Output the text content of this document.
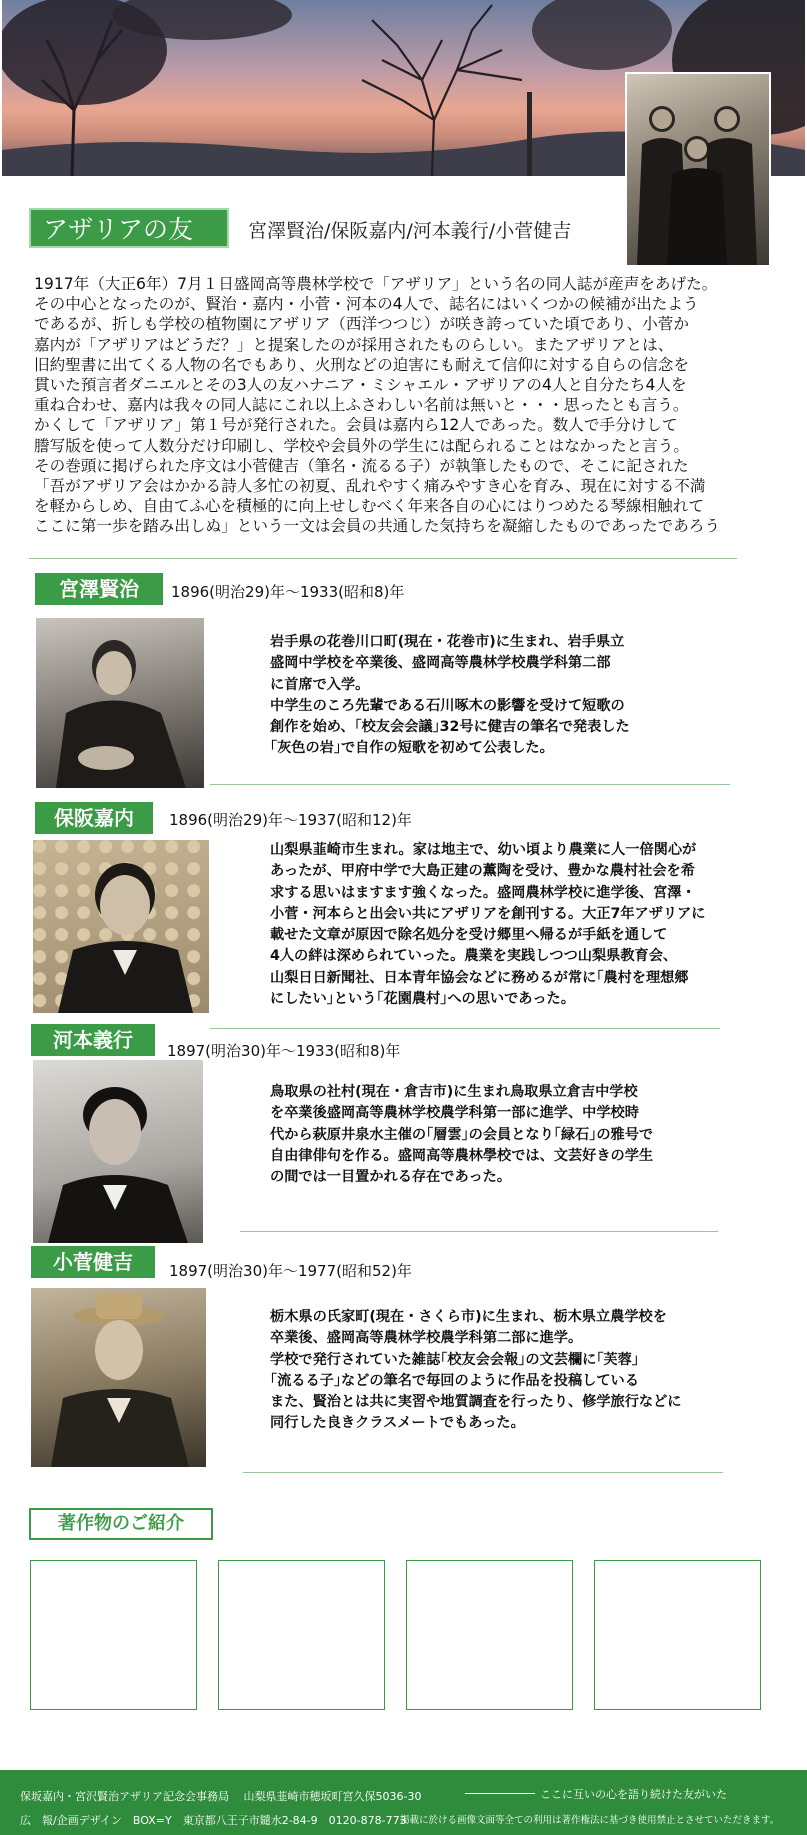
アザリアの友	宮澤賢治/保阪嘉内/河本義行/小菅健吉

1917年（大正6年）7月１日盛岡高等農林学校で「アザリア」という名の同人誌が産声をあげた。

その中心となったのが、賢治・嘉内・小菅・河本の4人で、誌名にはいくつかの候補が出たよう

であるが、折しも学校の植物園にアザリア（西洋つつじ）が咲き誇っていた頃であり、小菅か

嘉内が「アザリアはどうだ？」と提案したのが採用されたものらしい。またアザリアとは、

旧約聖書に出てくる人物の名でもあり、火刑などの迫害にも耐えて信仰に対する自らの信念を

貫いた預言者ダニエルとその3人の友ハナニア・ミシャエル・アザリアの4人と自分たち4人を

重ね合わせ、嘉内は我々の同人誌にこれ以上ふさわしい名前は無いと・・・思ったとも言う。

かくして「アザリア」第１号が発行された。会員は嘉内ら12人であった。数人で手分けして

謄写版を使って人数分だけ印刷し、学校や会員外の学生には配られることはなかったと言う。

その巻頭に掲げられた序文は小菅健吉（筆名・流るる子）が執筆したもので、そこに記された

「吾がアザリア会はかかる詩人多忙の初夏、乱れやすく痛みやすき心を育み、現在に対する不満

を軽からしめ、自由てふ心を積極的に向上せしむべく年来各自の心にはりつめたる琴線相触れて

ここに第一歩を踏み出しぬ」という一文は会員の共通した気持ちを凝縮したものであったであろう

宮澤賢治	1896(明治29)年～1933(昭和8)年

岩手県の花巻川口町(現在・花巻市)に生まれ、岩手県立

盛岡中学校を卒業後、盛岡高等農林学校農学科第二部

に首席で入学。

中学生のころ先輩である石川啄木の影響を受けて短歌の

創作を始め、｢校友会会議｣32号に健吉の筆名で発表した

｢灰色の岩｣で自作の短歌を初めて公表した。

保阪嘉内	1896(明治29)年～1937(昭和12)年

山梨県韮崎市生まれ。家は地主で、幼い頃より農業に人一倍関心が

あったが、甲府中学で大島正建の薫陶を受け、豊かな農村社会を希

求する思いはますます強くなった。盛岡農林学校に進学後、宮澤・

小菅・河本らと出会い共にアザリアを創刊する。大正7年アザリアに

載せた文章が原因で除名処分を受け郷里へ帰るが手紙を通して

4人の絆は深められていった。農業を実践しつつ山梨県教育会、

山梨日日新聞社、日本青年協会などに務めるが常に｢農村を理想郷

にしたい｣という｢花園農村｣への思いであった。

河本義行	1897(明治30)年～1933(昭和8)年

鳥取県の社村(現在・倉吉市)に生まれ鳥取県立倉吉中学校

を卒業後盛岡高等農林学校農学科第一部に進学、中学校時

代から萩原井泉水主催の｢層雲｣の会員となり｢緑石｣の雅号で

自由律俳句を作る。盛岡高等農林學校では、文芸好きの学生

の間では一目置かれる存在であった。

小菅健吉	1897(明治30)年～1977(昭和52)年

栃木県の氏家町(現在・さくら市)に生まれ、栃木県立農学校を

卒業後、盛岡高等農林学校農学科第二部に進学。

学校で発行されていた雑誌｢校友会会報｣の文芸欄に｢芙蓉｣

｢流るる子｣などの筆名で毎回のように作品を投稿している

また、賢治とは共に実習や地質調査を行ったり、修学旅行などに

同行した良きクラスメートでもあった。

著作物のご紹介
保坂嘉内・宮沢賢治アザリア記念会事務局　 山梨県韮崎市穂坂町宮久保5036-30
広　報/企画デザイン　BOX=Y　東京都八王子市鑓水2-84-9　0120-878-773
ここに互いの心を語り続けた友がいた
掲載に於ける画像文面等全ての利用は著作権法に基づき使用禁止とさせていただきます。
